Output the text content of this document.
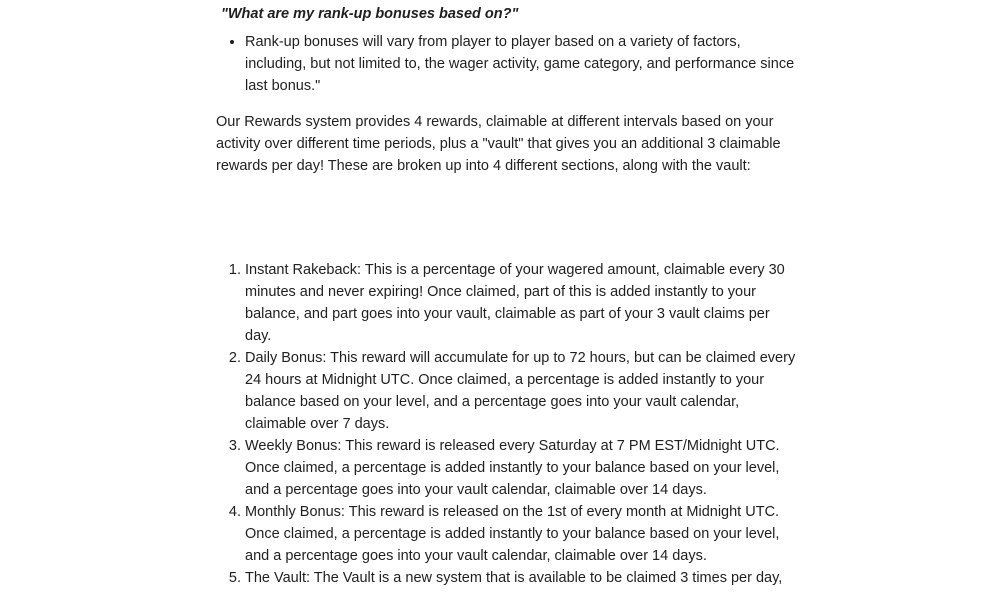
"What are my rank-up bonuses based on?"

• Rank-up bonuses will vary from player to player based on a variety of factors, including, but not limited to, the wager activity, game category, and performance since last bonus."

Our Rewards system provides 4 rewards, claimable at different intervals based on your activity over different time periods, plus a "vault" that gives you an additional 3 claimable rewards per day! These are broken up into 4 different sections, along with the vault:

1. Instant Rakeback: This is a percentage of your wagered amount, claimable every 30 minutes and never expiring! Once claimed, part of this is added instantly to your balance, and part goes into your vault, claimable as part of your 3 vault claims per day.
2. Daily Bonus: This reward will accumulate for up to 72 hours, but can be claimed every 24 hours at Midnight UTC. Once claimed, a percentage is added instantly to your balance based on your level, and a percentage goes into your vault calendar, claimable over 7 days.
3. Weekly Bonus: This reward is released every Saturday at 7 PM EST/Midnight UTC. Once claimed, a percentage is added instantly to your balance based on your level, and a percentage goes into your vault calendar, claimable over 14 days.
4. Monthly Bonus: This reward is released on the 1st of every month at Midnight UTC. Once claimed, a percentage is added instantly to your balance based on your level, and a percentage goes into your vault calendar, claimable over 14 days.
5. The Vault: The Vault is a new system that is available to be claimed 3 times per day,
